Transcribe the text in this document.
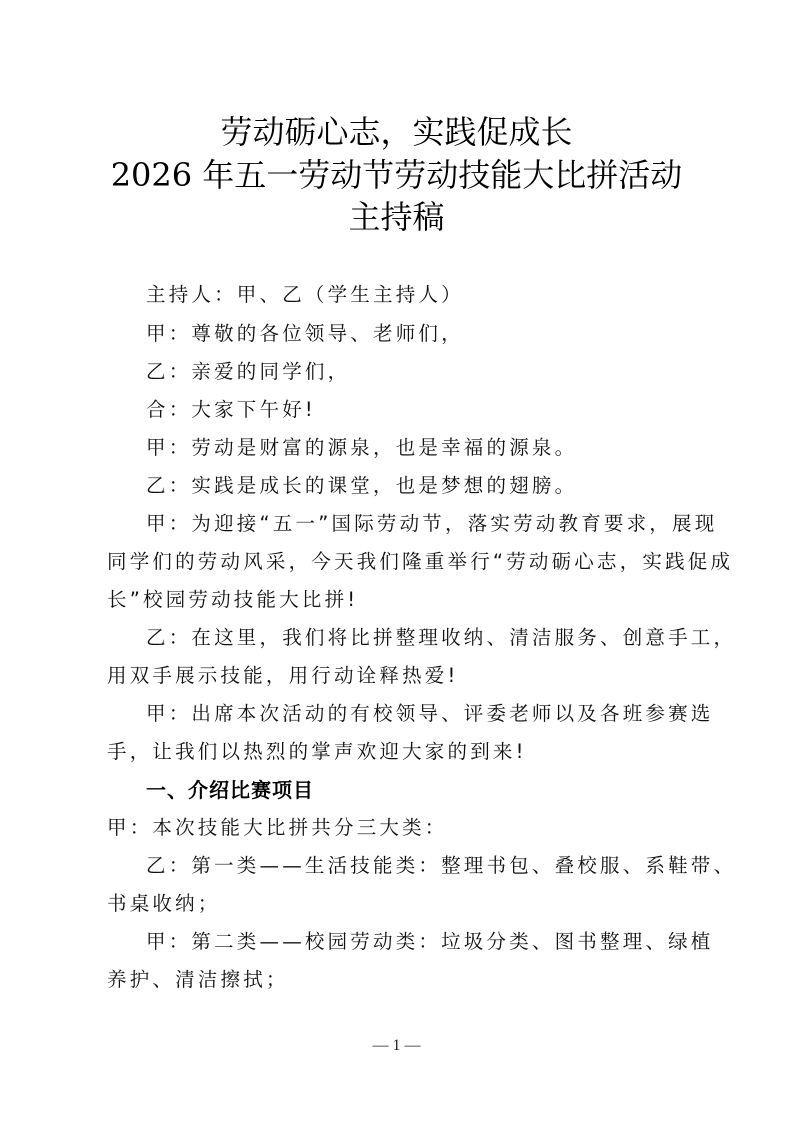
劳动砺心志，实践促成长
2026 年五一劳动节劳动技能大比拼活动
主持稿
主持人：甲、乙（学生主持人）
甲：尊敬的各位领导、老师们，
乙：亲爱的同学们，
合：大家下午好!
甲：劳动是财富的源泉，也是幸福的源泉。
乙：实践是成长的课堂，也是梦想的翅膀。
甲：为迎接“五一”国际劳动节，落实劳动教育要求，展现
同学们的劳动风采，今天我们隆重举行“劳动砺心志，实践促成
长”校园劳动技能大比拼!
乙：在这里，我们将比拼整理收纳、清洁服务、创意手工，
用双手展示技能，用行动诠释热爱!
甲：出席本次活动的有校领导、评委老师以及各班参赛选
手，让我们以热烈的掌声欢迎大家的到来!
一、介绍比赛项目
甲：本次技能大比拼共分三大类：
乙：第一类——生活技能类：整理书包、叠校服、系鞋带、
书桌收纳；
甲：第二类——校园劳动类：垃圾分类、图书整理、绿植
养护、清洁擦拭；
— 1 —
